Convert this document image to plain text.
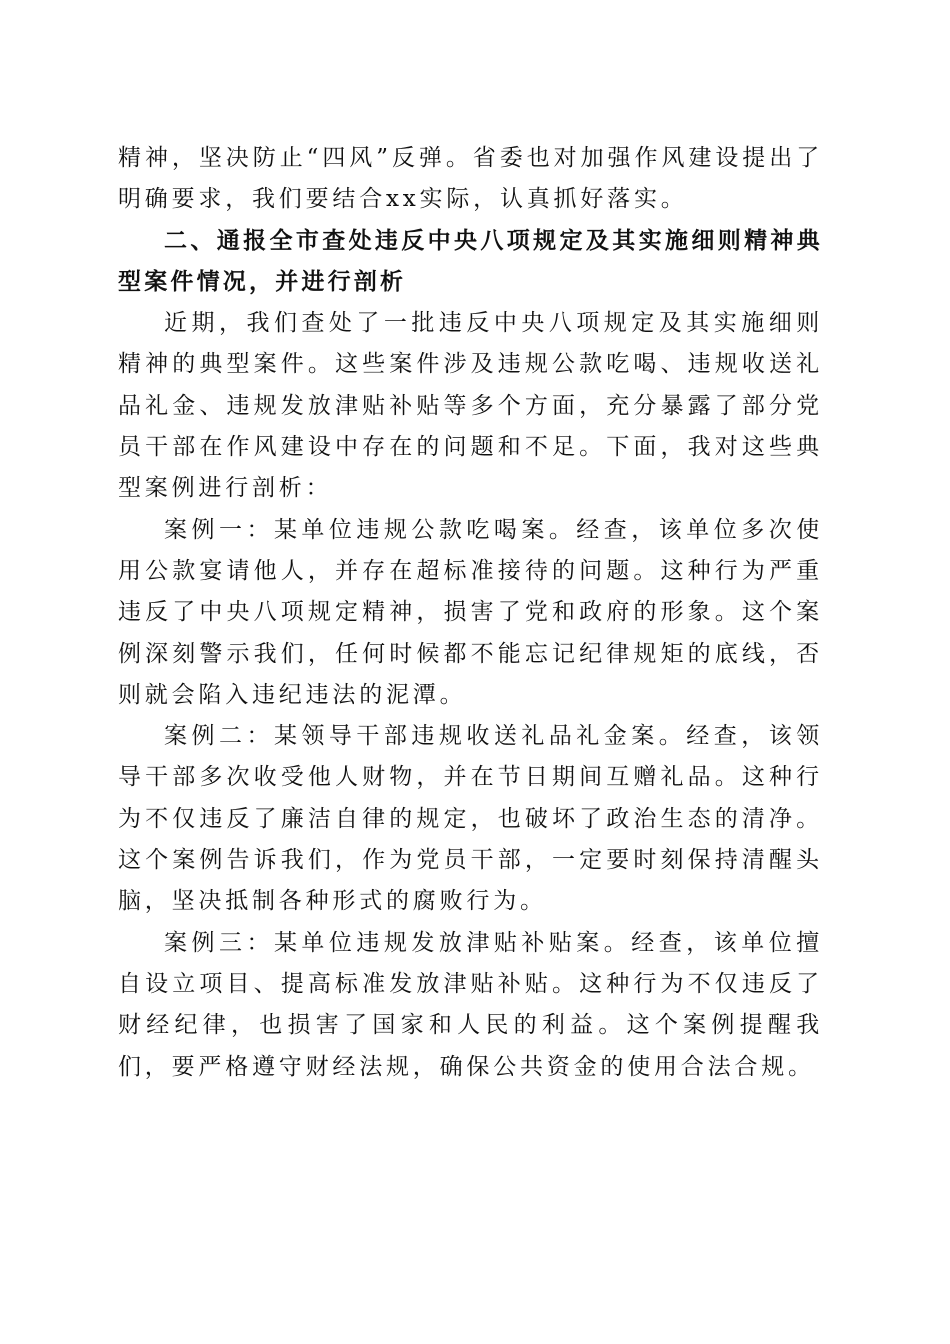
精神，坚决防止“四风”反弹。省委也对加强作风建设提出了明确要求，我们要结合xx实际，认真抓好落实。

二、通报全市查处违反中央八项规定及其实施细则精神典型案件情况，并进行剖析

近期，我们查处了一批违反中央八项规定及其实施细则精神的典型案件。这些案件涉及违规公款吃喝、违规收送礼品礼金、违规发放津贴补贴等多个方面，充分暴露了部分党员干部在作风建设中存在的问题和不足。下面，我对这些典型案例进行剖析：

案例一：某单位违规公款吃喝案。经查，该单位多次使用公款宴请他人，并存在超标准接待的问题。这种行为严重违反了中央八项规定精神，损害了党和政府的形象。这个案例深刻警示我们，任何时候都不能忘记纪律规矩的底线，否则就会陷入违纪违法的泥潭。

案例二：某领导干部违规收送礼品礼金案。经查，该领导干部多次收受他人财物，并在节日期间互赠礼品。这种行为不仅违反了廉洁自律的规定，也破坏了政治生态的清净。这个案例告诉我们，作为党员干部，一定要时刻保持清醒头脑，坚决抵制各种形式的腐败行为。

案例三：某单位违规发放津贴补贴案。经查，该单位擅自设立项目、提高标准发放津贴补贴。这种行为不仅违反了财经纪律，也损害了国家和人民的利益。这个案例提醒我们，要严格遵守财经法规，确保公共资金的使用合法合规。
